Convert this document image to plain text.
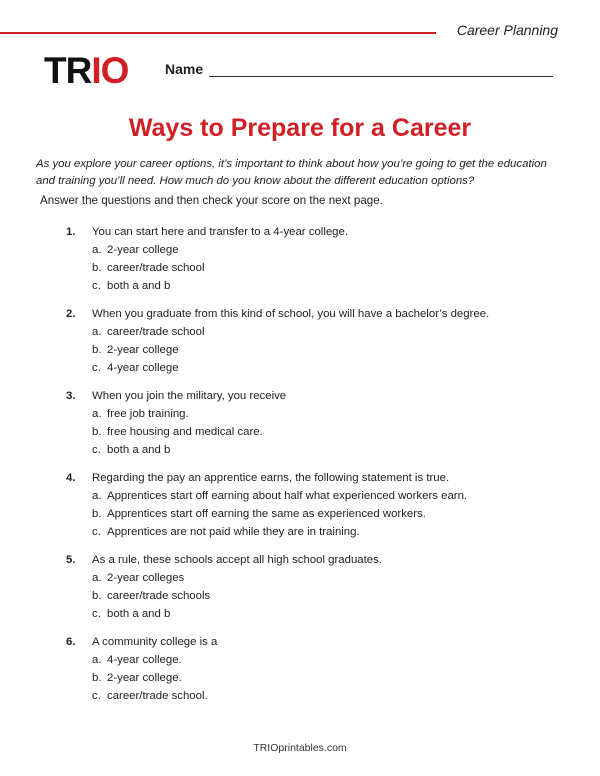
Career Planning
TRIO	Name
Ways to Prepare for a Career
As you explore your career options, it’s important to think about how you’re going to get the education and training you’ll need. How much do you know about the different education options?
Answer the questions and then check your score on the next page.
1.	You can start here and transfer to a 4-year college.
a. 2-year college
b. career/trade school
c. both a and b
2.	When you graduate from this kind of school, you will have a bachelor’s degree.
a. career/trade school
b. 2-year college
c. 4-year college
3.	When you join the military, you receive
a. free job training.
b. free housing and medical care.
c. both a and b
4.	Regarding the pay an apprentice earns, the following statement is true.
a. Apprentices start off earning about half what experienced workers earn.
b. Apprentices start off earning the same as experienced workers.
c. Apprentices are not paid while they are in training.
5.	As a rule, these schools accept all high school graduates.
a. 2-year colleges
b. career/trade schools
c. both a and b
6.	A community college is a
a. 4-year college.
b. 2-year college.
c. career/trade school.
TRIOprintables.com
